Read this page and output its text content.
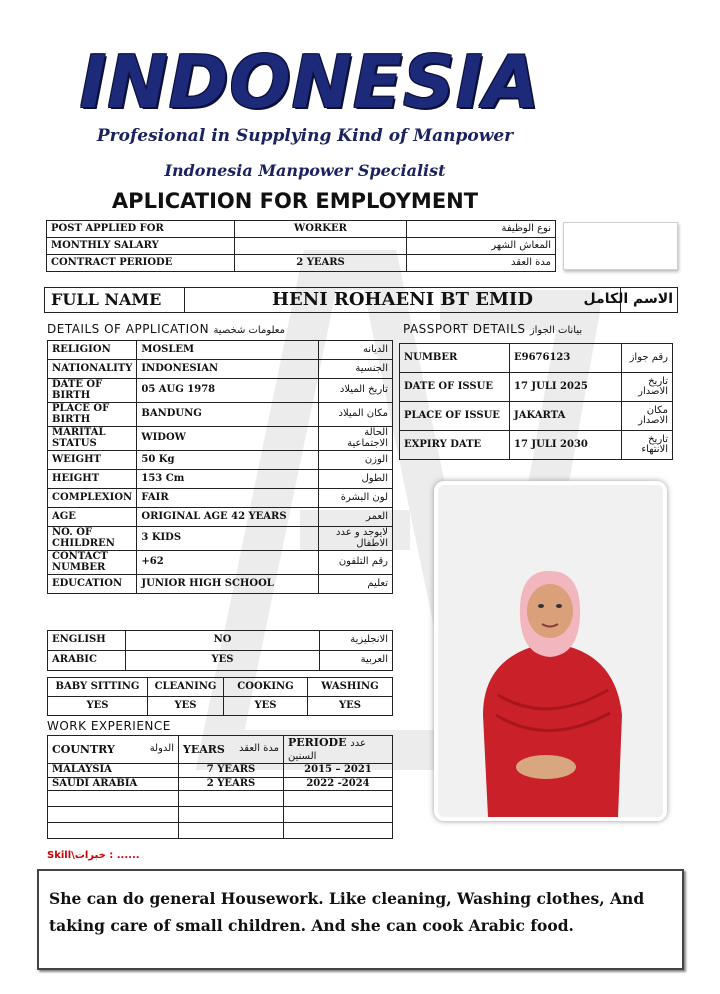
INDONESIA
Profesional in Supplying Kind of Manpower
Indonesia Manpower Specialist
APLICATION FOR EMPLOYMENT
POST APPLIED FOR	WORKER	نوع الوظيفة
MONTHLY SALARY		المعاش الشهر
CONTRACT PERIODE	2 YEARS	مدة العقد
FULL NAME	HENI ROHAENI BT EMID	الاسم الكامل
DETAILS OF APPLICATION معلومات شخصية	PASSPORT DETAILS بيانات الجواز
RELIGION	MOSLEM	الديانه
NATIONALITY	INDONESIAN	الجنسية
DATE OF BIRTH	05 AUG 1978	تاريخ الميلاد
PLACE OF BIRTH	BANDUNG	مكان الميلاد
MARITAL STATUS	WIDOW	الحالة الاجتماعية
WEIGHT	50 Kg	الوزن
HEIGHT	153 Cm	الطول
COMPLEXION	FAIR	لون البشرة
AGE	ORIGINAL AGE 42 YEARS	العمر
NO. OF CHILDREN	3 KIDS	لايوجد و عدد الاطفال
CONTACT NUMBER	+62	رقم التلفون
EDUCATION	JUNIOR HIGH SCHOOL	تعليم
NUMBER	E9676123	رقم جواز
DATE OF ISSUE	17 JULI 2025	تاريخ الاصدار
PLACE OF ISSUE	JAKARTA	مكان الاصدار
EXPIRY DATE	17 JULI 2030	تاريخ الانتهاء
ENGLISH	NO	الانجليزية
ARABIC	YES	العربية
BABY SITTING	CLEANING	COOKING	WASHING
YES	YES	YES	YES
WORK EXPERIENCE
COUNTRY الدولة	YEARS مدة العقد	PERIODE عدد السنين
MALAYSIA	7 YEARS	2015 – 2021
SAUDI ARABIA	2 YEARS	2022 -2024

Skill\خبرات : ......
She can do general Housework. Like cleaning, Washing clothes, And taking care of small children. And she can cook Arabic food.
